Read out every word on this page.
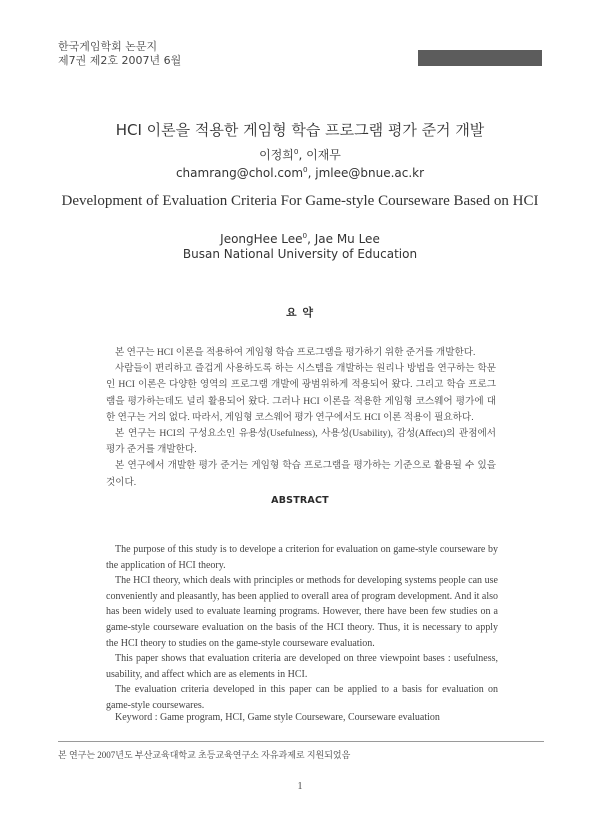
한국게임학회 논문지
제7권 제2호 2007년 6월
HCI 이론을 적용한 게임형 학습 프로그램 평가 준거 개발
이정희$^0$, 이재무
chamrang@chol.com$^0$, jmlee@bnue.ac.kr
Development of Evaluation Criteria For Game-style Courseware Based on HCI
JeongHee Lee$^0$, Jae Mu Lee
Busan National University of Education
요 약

본 연구는 HCI 이론을 적용하여 게임형 학습 프로그램을 평가하기 위한 준거를 개발한다.

사람들이 편리하고 즐겁게 사용하도록 하는 시스템을 개발하는 원리나 방법을 연구하는 학문인 HCI 이론은 다양한 영역의 프로그램 개발에 광범위하게 적용되어 왔다. 그리고 학습 프로그램을 평가하는데도 널리 활용되어 왔다. 그러나 HCI 이론을 적용한 게임형 코스웨어 평가에 대한 연구는 거의 없다. 따라서, 게임형 코스웨어 평가 연구에서도 HCI 이론 적용이 필요하다.

본 연구는 HCI의 구성요소인 유용성(Usefulness), 사용성(Usability), 감성(Affect)의 관점에서 평가 준거를 개발한다.

본 연구에서 개발한 평가 준거는 게임형 학습 프로그램을 평가하는 기준으로 활용될 수 있을 것이다.

ABSTRACT

The purpose of this study is to develope a criterion for evaluation on game-style courseware by the application of HCI theory.

The HCI theory, which deals with principles or methods for developing systems people can use conveniently and pleasantly, has been applied to overall area of program development. And it also has been widely used to evaluate learning programs. However, there have been few studies on a game-style courseware evaluation on the basis of the HCI theory. Thus, it is necessary to apply the HCI theory to studies on the game-style courseware evaluation.

This paper shows that evaluation criteria are developed on three viewpoint bases : usefulness, usability, and affect which are as elements in HCI.

The evaluation criteria developed in this paper can be applied to a basis for evaluation on game-style coursewares.

Keyword : Game program, HCI, Game style Courseware, Courseware evaluation
본 연구는 2007년도 부산교육대학교 초등교육연구소 자유과제로 지원되었음
1
